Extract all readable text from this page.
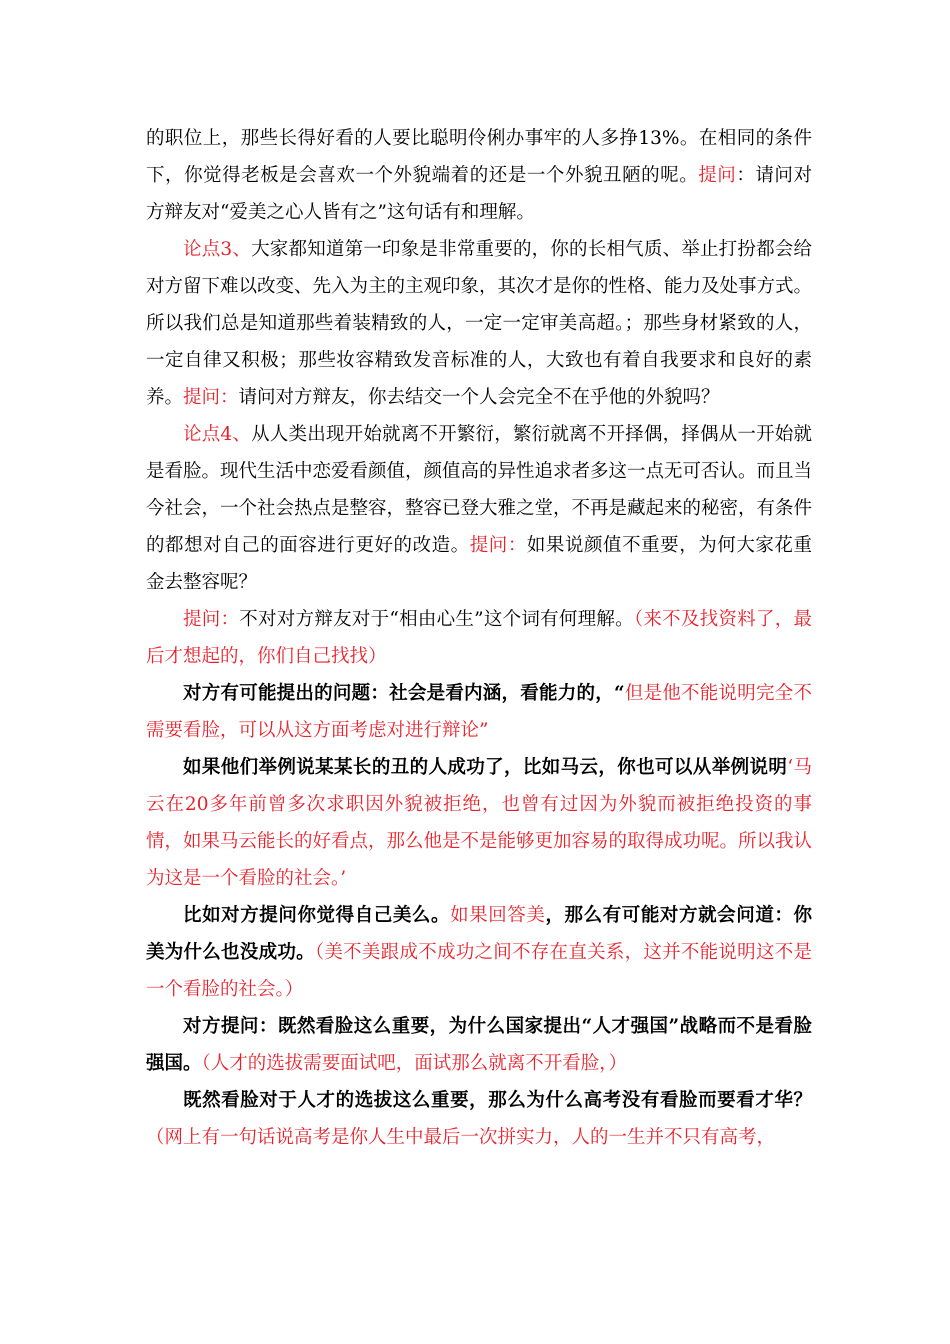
的职位上，那些长得好看的人要比聪明伶俐办事牢的人多挣13%。在相同的条件下，你觉得老板是会喜欢一个外貌端着的还是一个外貌丑陋的呢。提问：请问对方辩友对“爱美之心人皆有之”这句话有和理解。

论点3、大家都知道第一印象是非常重要的，你的长相气质、举止打扮都会给对方留下难以改变、先入为主的主观印象，其次才是你的性格、能力及处事方式。所以我们总是知道那些着装精致的人，一定一定审美高超。；那些身材紧致的人，一定自律又积极；那些妆容精致发音标准的人，大致也有着自我要求和良好的素养。提问：请问对方辩友，你去结交一个人会完全不在乎他的外貌吗？

论点4、从人类出现开始就离不开繁衍，繁衍就离不开择偶，择偶从一开始就是看脸。现代生活中恋爱看颜值，颜值高的异性追求者多这一点无可否认。而且当今社会，一个社会热点是整容，整容已登大雅之堂，不再是藏起来的秘密，有条件的都想对自己的面容进行更好的改造。提问：如果说颜值不重要，为何大家花重金去整容呢？

提问：不对对方辩友对于“相由心生”这个词有何理解。（来不及找资料了，最后才想起的，你们自己找找）

对方有可能提出的问题：社会是看内涵，看能力的，“但是他不能说明完全不需要看脸，可以从这方面考虑对进行辩论”

如果他们举例说某某长的丑的人成功了，比如马云，你也可以从举例说明‘马云在20多年前曾多次求职因外貌被拒绝，也曾有过因为外貌而被拒绝投资的事情，如果马云能长的好看点，那么他是不是能够更加容易的取得成功呢。所以我认为这是一个看脸的社会。’

比如对方提问你觉得自己美么。如果回答美，那么有可能对方就会问道：你美为什么也没成功。（美不美跟成不成功之间不存在直关系，这并不能说明这不是一个看脸的社会。）

对方提问：既然看脸这么重要，为什么国家提出“人才强国”战略而不是看脸强国。（人才的选拔需要面试吧，面试那么就离不开看脸，）

既然看脸对于人才的选拔这么重要，那么为什么高考没有看脸而要看才华？（网上有一句话说高考是你人生中最后一次拼实力，人的一生并不只有高考，
